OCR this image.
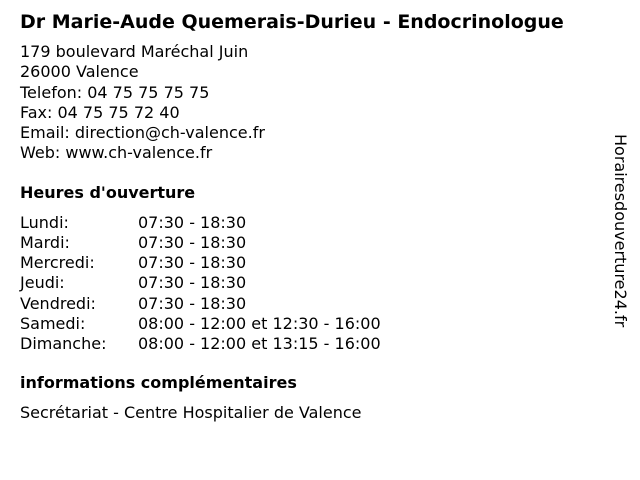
Dr Marie-Aude Quemerais-Durieu - Endocrinologue
179 boulevard Maréchal Juin
26000 Valence
Telefon: 04 75 75 75 75
Fax: 04 75 75 72 40
Email: direction@ch-valence.fr
Web: www.ch-valence.fr
Heures d'ouverture
Lundi:	07:30 - 18:30
Mardi:	07:30 - 18:30
Mercredi:	07:30 - 18:30
Jeudi:	07:30 - 18:30
Vendredi:	07:30 - 18:30
Samedi:	08:00 - 12:00 et 12:30 - 16:00
Dimanche:	08:00 - 12:00 et 13:15 - 16:00
informations complémentaires
Secrétariat - Centre Hospitalier de Valence
Horairesdouverture24.fr
